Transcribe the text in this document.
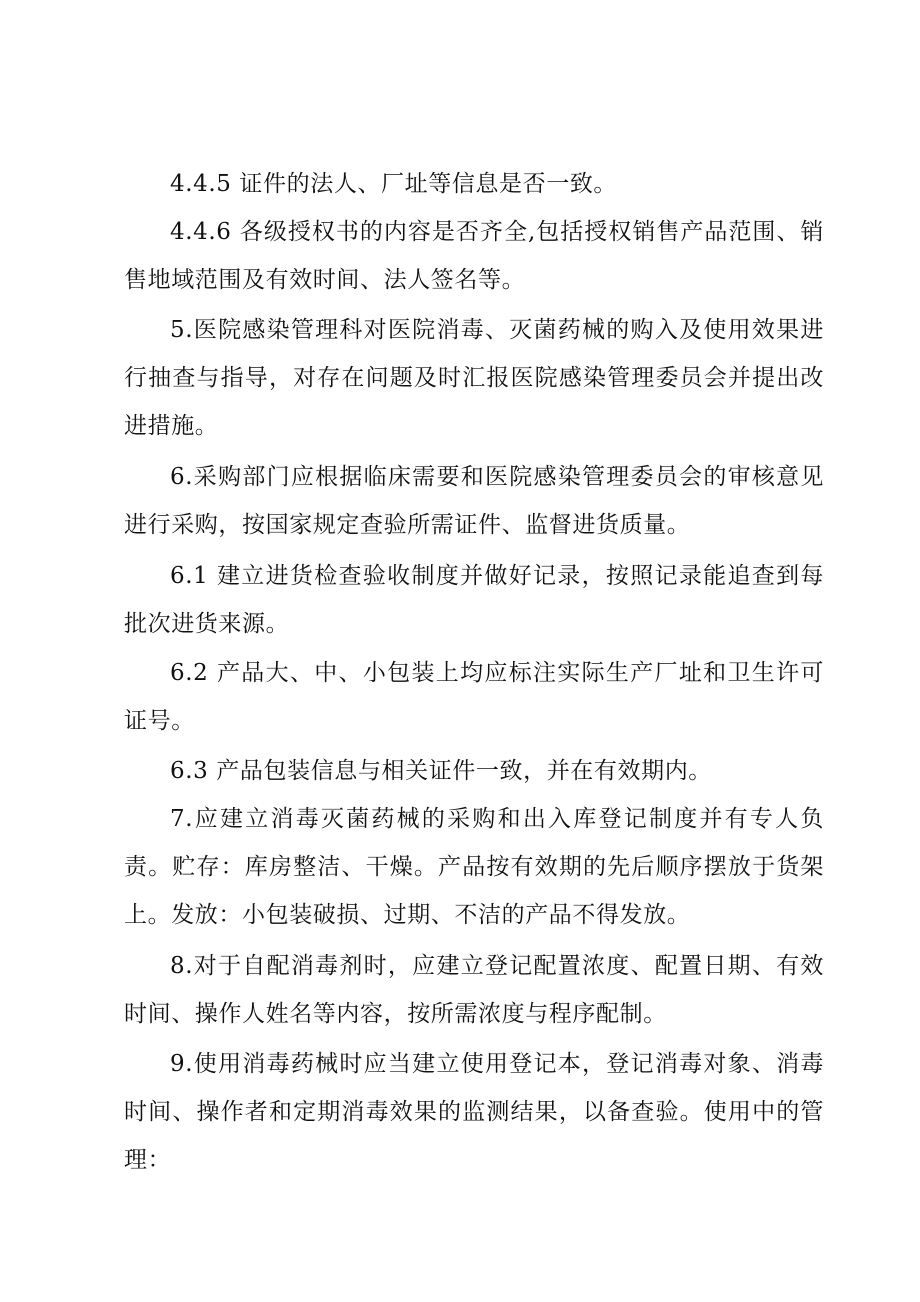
4.4.5 证件的法人、厂址等信息是否一致。

4.4.6 各级授权书的内容是否齐全,包括授权销售产品范围、销售地域范围及有效时间、法人签名等。

5.医院感染管理科对医院消毒、灭菌药械的购入及使用效果进行抽查与指导，对存在问题及时汇报医院感染管理委员会并提出改进措施。

6.采购部门应根据临床需要和医院感染管理委员会的审核意见进行采购，按国家规定查验所需证件、监督进货质量。

6.1 建立进货检查验收制度并做好记录，按照记录能追查到每批次进货来源。

6.2 产品大、中、小包装上均应标注实际生产厂址和卫生许可证号。

6.3 产品包装信息与相关证件一致，并在有效期内。

7.应建立消毒灭菌药械的采购和出入库登记制度并有专人负责。贮存：库房整洁、干燥。产品按有效期的先后顺序摆放于货架上。发放：小包装破损、过期、不洁的产品不得发放。

8.对于自配消毒剂时，应建立登记配置浓度、配置日期、有效时间、操作人姓名等内容，按所需浓度与程序配制。

9.使用消毒药械时应当建立使用登记本，登记消毒对象、消毒时间、操作者和定期消毒效果的监测结果，以备查验。使用中的管理：
